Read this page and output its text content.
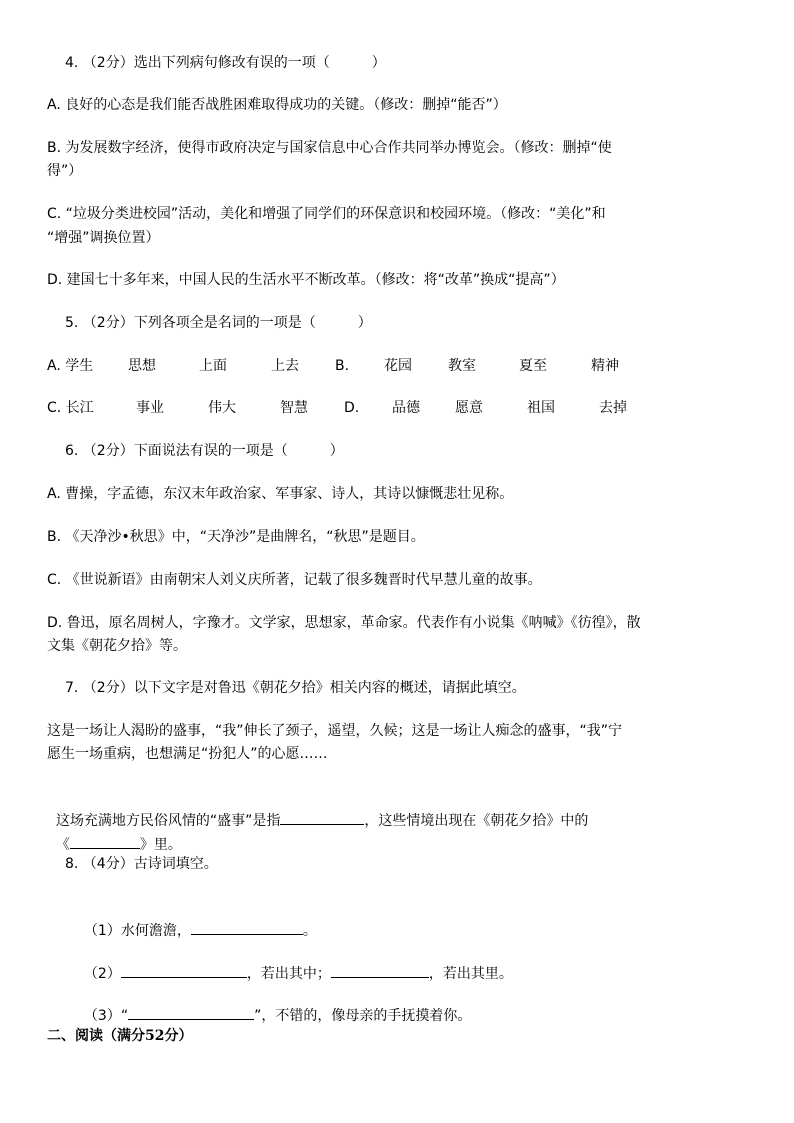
4. （2分）选出下列病句修改有误的一项（　　　）
A. 良好的心态是我们能否战胜困难取得成功的关键。（修改：删掉“能否”）
B. 为发展数字经济，使得市政府决定与国家信息中心合作共同举办博览会。（修改：删掉“使
得”）
C. “垃圾分类进校园”活动，美化和增强了同学们的环保意识和校园环境。（修改：“美化”和
“增强”调换位置）
D. 建国七十多年来，中国人民的生活水平不断改革。（修改：将“改革”换成“提高”）
5. （2分）下列各项全是名词的一项是（　　　）
A. 学生 思想	上面	上去	B. 花园	教室	夏至	精神
C. 长江	事业	伟大	智慧	D. 品德	愿意	祖国	去掉
6. （2分）下面说法有误的一项是（　　　）
A. 曹操，字孟德，东汉末年政治家、军事家、诗人，其诗以慷慨悲壮见称。
B. 《天净沙•秋思》中，“天净沙”是曲牌名，“秋思”是题目。
C. 《世说新语》由南朝宋人刘义庆所著，记载了很多魏晋时代早慧儿童的故事。
D. 鲁迅，原名周树人，字豫才。文学家，思想家，革命家。代表作有小说集《呐喊》《彷徨》，散
文集《朝花夕拾》等。
7. （2分）以下文字是对鲁迅《朝花夕拾》相关内容的概述，请据此填空。
这是一场让人渴盼的盛事，“我”伸长了颈子，遥望，久候；这是一场让人痴念的盛事，“我”宁
愿生一场重病，也想满足“扮犯人”的心愿……

这场充满地方民俗风情的“盛事”是指	，这些情境出现在《朝花夕拾》中的

《	》里。

8. （4分）古诗词填空。

（1）水何澹澹，	。

（2）	，若出其中；	，若出其里。

（3）“	”，不错的，像母亲的手抚摸着你。

二、阅读（满分52分）
